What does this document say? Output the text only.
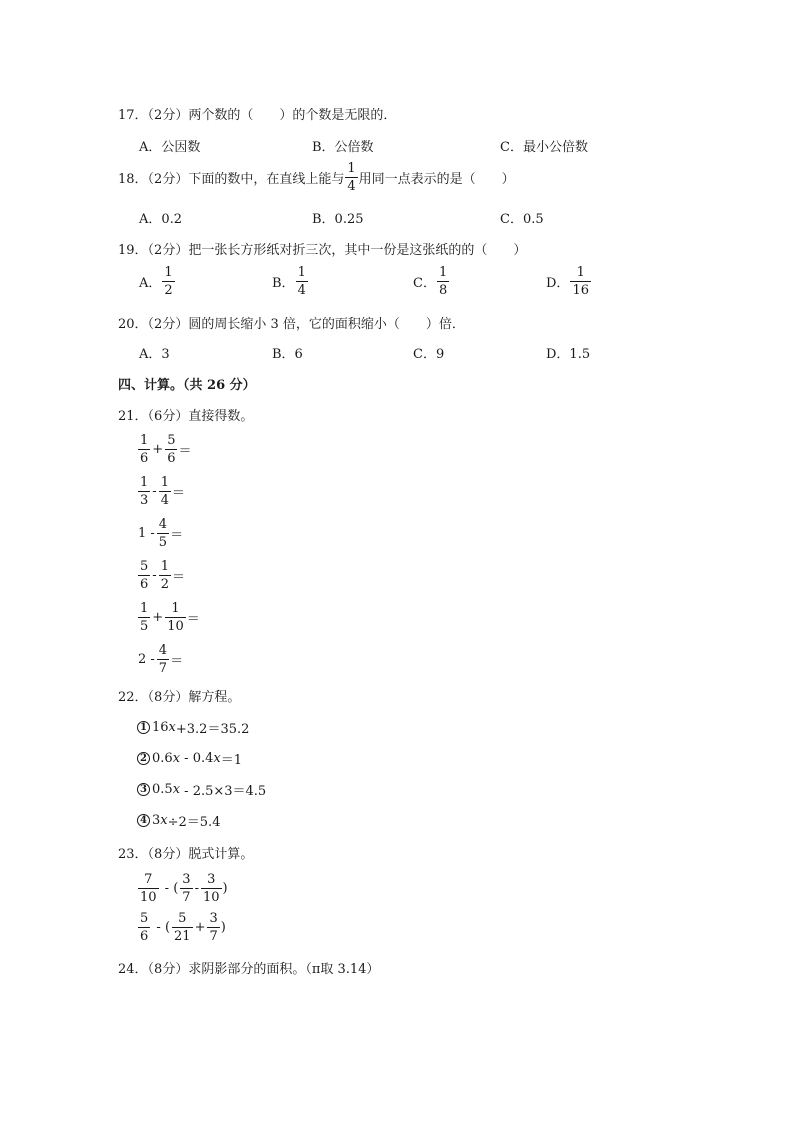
17．（2分）两个数的（　　）的个数是无限的．
A．公因数	B．公倍数	C．最小公倍数
18．（2分）下面的数中，在直线上能与 $\frac{1}{4}$ 用同一点表示的是（　　）
A．0.2	B．0.25	C．0.5
19．（2分）把一张长方形纸对折三次，其中一份是这张纸的的（　　）
A． $\frac{1}{2}$	B． $\frac{1}{4}$	C． $\frac{1}{8}$	D． $\frac{1}{16}$
20．（2分）圆的周长缩小 3 倍，它的面积缩小（　　）倍．
A．3	B．6	C．9	D．1.5
四、计算。（共 26 分）
21．（6分）直接得数。
$\frac{1}{6} + \frac{5}{6}$ ＝
$\frac{1}{3} - \frac{1}{4}$ ＝
$1 - \frac{4}{5}$ ＝
$\frac{5}{6} - \frac{1}{2}$ ＝
$\frac{1}{5} + \frac{1}{10}$ ＝
$2 - \frac{4}{7}$ ＝
22．（8分）解方程。
1 16 x +3.2＝35.2
2 0.6 x - 0.4 x ＝1
3 0.5 x - 2.5×3＝4.5
4 3 x ÷2＝5.4
23．（8分）脱式计算。
$\frac{7}{10}$ - ( $\frac{3}{7} - \frac{3}{10}$ )
$\frac{5}{6}$ - ( $\frac{5}{21} + \frac{3}{7}$ )
24．（8分）求阴影部分的面积。（π取 3.14）
